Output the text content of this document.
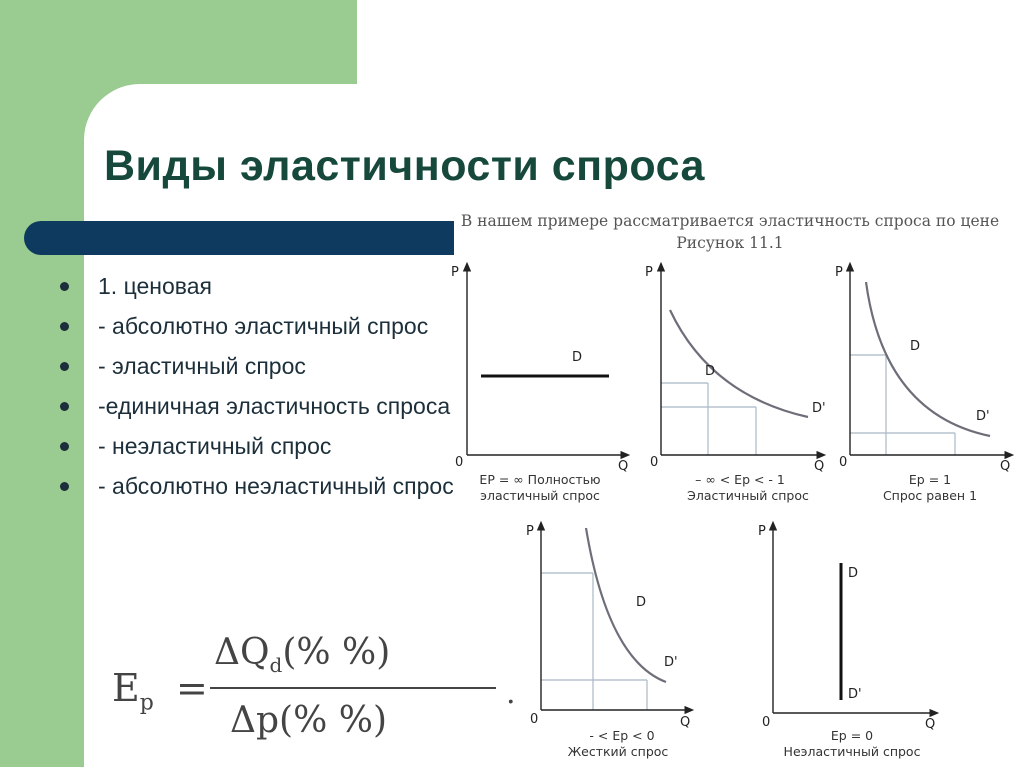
Виды эластичности спроса
1. ценовая
- абсолютно эластичный спрос
- эластичный спрос
-единичная эластичность спроса
- неэластичный спрос
- абсолютно неэластичный спрос
$E_p$ =
$\Delta Q_d(\%$ %)
Δp(% %)
.
В нашем примере рассматривается эластичность спроса по цене
Рисунок 11.1
P
Q
0
D
EP = ∞ Полностью
эластичный спрос
P
Q
0
D
D'
– ∞ < Eр < - 1
Эластичный спрос
P
Q
0
D
D'
Eр = 1
Спрос равен 1
P
Q
0
D
D'
- < Eр < 0
Жесткий спрос
P
Q
0
D
D'
Eр = 0
Неэластичный спрос
